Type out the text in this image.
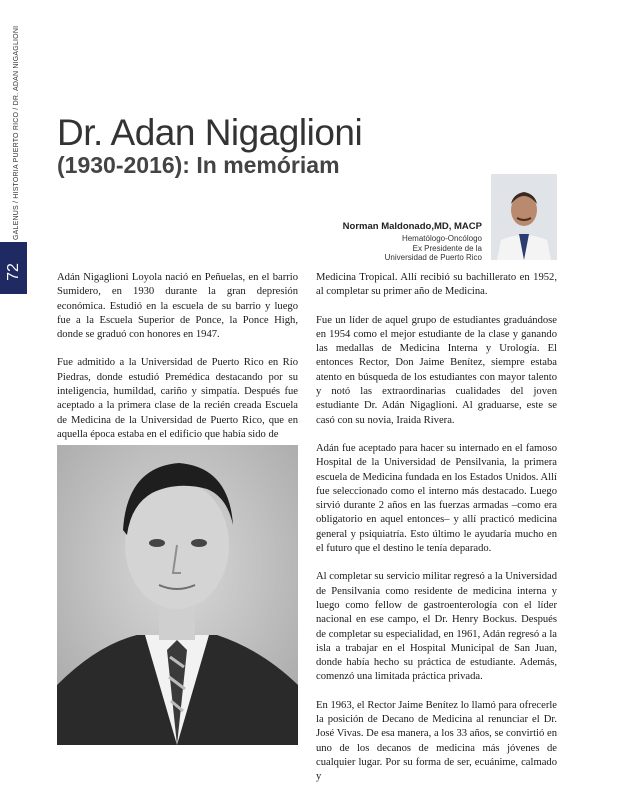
GALENUS / HISTORIA PUERTO RICO / DR. ADAN NIGAGLIONI
72
Dr. Adan Nigaglioni
(1930-2016): In memóriam
Norman Maldonado,MD, MACP
Hematólogo-Oncólogo
Ex Presidente de la
Universidad de Puerto Rico

Adán Nigaglioni Loyola nació en Peñuelas, en el barrio Sumidero, en 1930 durante la gran depresión económica. Estudió en la escuela de su barrio y luego fue a la Escuela Superior de Ponce, la Ponce High, donde se graduó con honores en 1947.

Fue admitido a la Universidad de Puerto Rico en Río Piedras, donde estudió Premédica destacando por su inteligencia, humildad, cariño y simpatía. Después fue aceptado a la primera clase de la recién creada Escuela de Medicina de la Universidad de Puerto Rico, que en aquella época estaba en el edificio que había sido de

Medicina Tropical. Allí recibió su bachillerato en 1952, al completar su primer año de Medicina.

Fue un líder de aquel grupo de estudiantes graduándose en 1954 como el mejor estudiante de la clase y ganando las medallas de Medicina Interna y Urología. El entonces Rector, Don Jaime Benítez, siempre estaba atento en búsqueda de los estudiantes con mayor talento y notó las extraordinarias cualidades del joven estudiante Dr. Adán Nigaglioni. Al graduarse, este se casó con su novia, Iraida Rivera.

Adán fue aceptado para hacer su internado en el famoso Hospital de la Universidad de Pensilvania, la primera escuela de Medicina fundada en los Estados Unidos. Allí fue seleccionado como el interno más destacado. Luego sirvió durante 2 años en las fuerzas armadas –como era obligatorio en aquel entonces– y allí practicó medicina general y psiquiatría. Esto último le ayudaría mucho en el futuro que el destino le tenía deparado.

Al completar su servicio militar regresó a la Universidad de Pensilvania como residente de medicina interna y luego como fellow de gastroenterología con el líder nacional en ese campo, el Dr. Henry Bockus. Después de completar su especialidad, en 1961, Adán regresó a la isla a trabajar en el Hospital Municipal de San Juan, donde había hecho su práctica de estudiante. Además, comenzó una limitada práctica privada.

En 1963, el Rector Jaime Benítez lo llamó para ofrecerle la posición de Decano de Medicina al renunciar el Dr. José Vivas. De esa manera, a los 33 años, se convirtió en uno de los decanos de medicina más jóvenes de cualquier lugar. Por su forma de ser, ecuánime, calmado y
